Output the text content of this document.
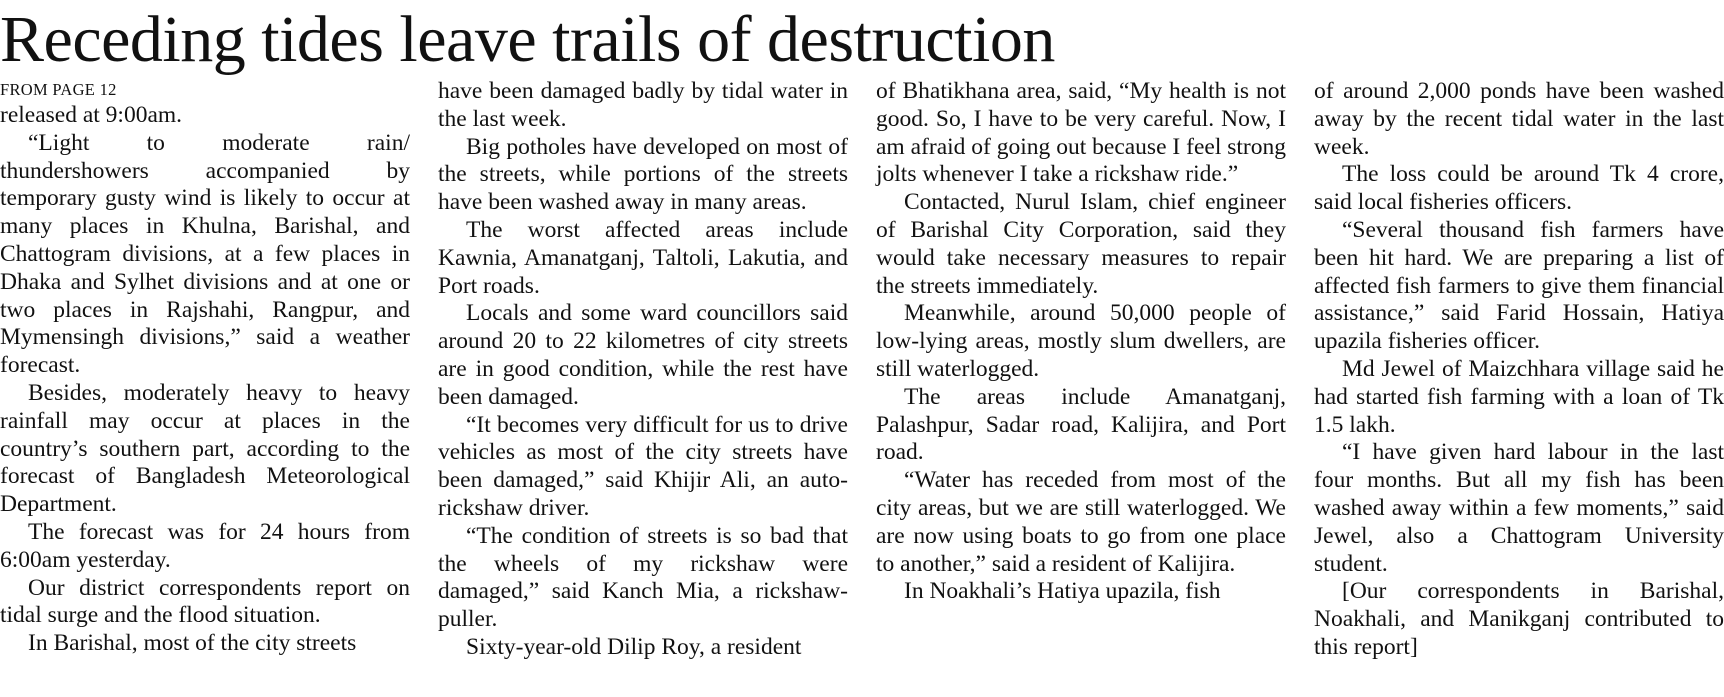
Receding tides leave trails of destruction
FROM PAGE 12

released at 9:00am.

“Light to moderate rain/ thundershowers accompanied by temporary gusty wind is likely to occur at many places in Khulna, Barishal, and Chattogram divisions, at a few places in Dhaka and Sylhet divisions and at one or two places in Rajshahi, Rangpur, and Mymensingh divisions,” said a weather forecast.

Besides, moderately heavy to heavy rainfall may occur at places in the country’s southern part, according to the forecast of Bangladesh Meteorological Department.

The forecast was for 24 hours from 6:00am yesterday.

Our district correspondents report on tidal surge and the flood situation.

In Barishal, most of the city streets

have been damaged badly by tidal water in the last week.

Big potholes have developed on most of the streets, while portions of the streets have been washed away in many areas.

The worst affected areas include Kawnia, Amanatganj, Taltoli, Lakutia, and Port roads.

Locals and some ward councillors said around 20 to 22 kilometres of city streets are in good condition, while the rest have been damaged.

“It becomes very difficult for us to drive vehicles as most of the city streets have been damaged,” said Khijir Ali, an auto-rickshaw driver.

“The condition of streets is so bad that the wheels of my rickshaw were damaged,” said Kanch Mia, a rickshaw-puller.

Sixty-year-old Dilip Roy, a resident

of Bhatikhana area, said, “My health is not good. So, I have to be very careful. Now, I am afraid of going out because I feel strong jolts whenever I take a rickshaw ride.”

Contacted, Nurul Islam, chief engineer of Barishal City Corporation, said they would take necessary measures to repair the streets immediately.

Meanwhile, around 50,000 people of low-lying areas, mostly slum dwellers, are still waterlogged.

The areas include Amanatganj, Palashpur, Sadar road, Kalijira, and Port road.

“Water has receded from most of the city areas, but we are still waterlogged. We are now using boats to go from one place to another,” said a resident of Kalijira.

In Noakhali’s Hatiya upazila, fish

of around 2,000 ponds have been washed away by the recent tidal water in the last week.

The loss could be around Tk 4 crore, said local fisheries officers.

“Several thousand fish farmers have been hit hard. We are preparing a list of affected fish farmers to give them financial assistance,” said Farid Hossain, Hatiya upazila fisheries officer.

Md Jewel of Maizchhara village said he had started fish farming with a loan of Tk 1.5 lakh.

“I have given hard labour in the last four months. But all my fish has been washed away within a few moments,” said Jewel, also a Chattogram University student.

[Our correspondents in Barishal, Noakhali, and Manikganj contributed to this report]
